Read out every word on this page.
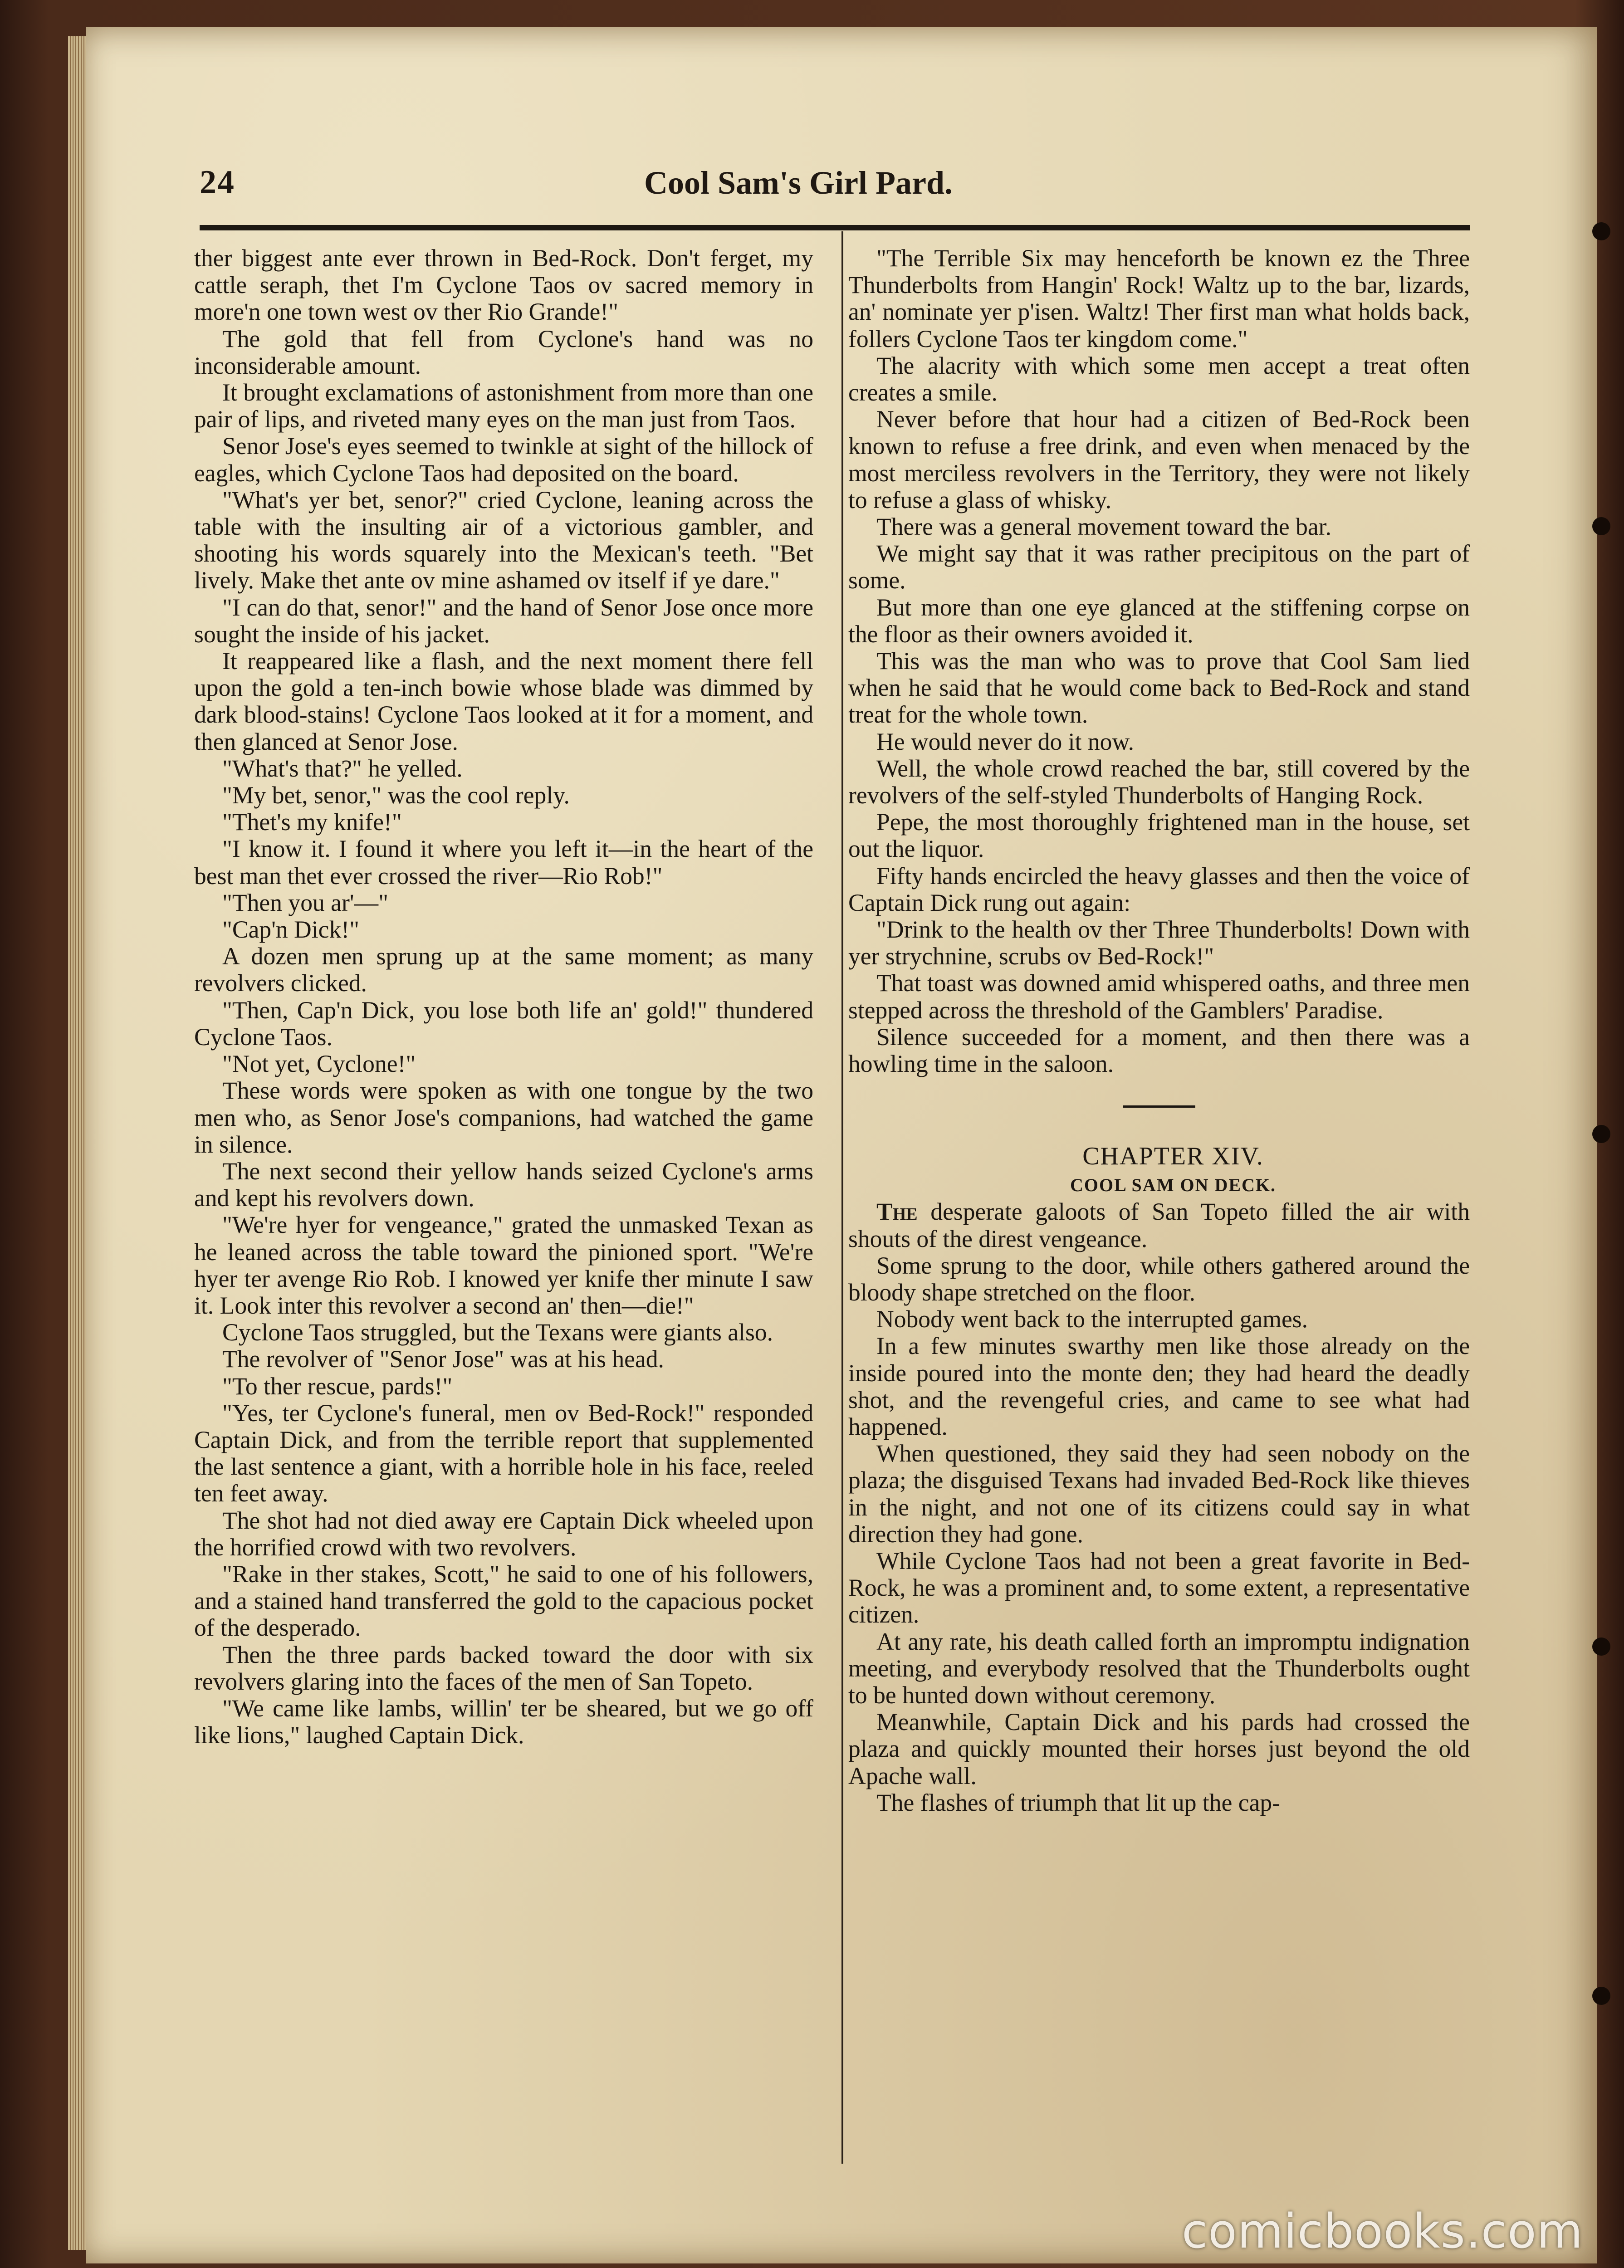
24	Cool Sam's Girl Pard.

ther biggest ante ever thrown in Bed-Rock. Don't ferget, my cattle seraph, thet I'm Cyclone Taos ov sacred memory in more'n one town west ov ther Rio Grande!"

The gold that fell from Cyclone's hand was no inconsiderable amount.

It brought exclamations of astonishment from more than one pair of lips, and riveted many eyes on the man just from Taos.

Senor Jose's eyes seemed to twinkle at sight of the hillock of eagles, which Cyclone Taos had deposited on the board.

"What's yer bet, senor?" cried Cyclone, leaning across the table with the insulting air of a victorious gambler, and shooting his words squarely into the Mexican's teeth. "Bet lively. Make thet ante ov mine ashamed ov itself if ye dare."

"I can do that, senor!" and the hand of Senor Jose once more sought the inside of his jacket.

It reappeared like a flash, and the next moment there fell upon the gold a ten-inch bowie whose blade was dimmed by dark blood-stains! Cyclone Taos looked at it for a moment, and then glanced at Senor Jose.

"What's that?" he yelled.

"My bet, senor," was the cool reply.

"Thet's my knife!"

"I know it. I found it where you left it—in the heart of the best man thet ever crossed the river—Rio Rob!"

"Then you ar'—"

"Cap'n Dick!"

A dozen men sprung up at the same moment; as many revolvers clicked.

"Then, Cap'n Dick, you lose both life an' gold!" thundered Cyclone Taos.

"Not yet, Cyclone!"

These words were spoken as with one tongue by the two men who, as Senor Jose's companions, had watched the game in silence.

The next second their yellow hands seized Cyclone's arms and kept his revolvers down.

"We're hyer for vengeance," grated the unmasked Texan as he leaned across the table toward the pinioned sport. "We're hyer ter avenge Rio Rob. I knowed yer knife ther minute I saw it. Look inter this revolver a second an' then—die!"

Cyclone Taos struggled, but the Texans were giants also.

The revolver of "Senor Jose" was at his head.

"To ther rescue, pards!"

"Yes, ter Cyclone's funeral, men ov Bed-Rock!" responded Captain Dick, and from the terrible report that supplemented the last sentence a giant, with a horrible hole in his face, reeled ten feet away.

The shot had not died away ere Captain Dick wheeled upon the horrified crowd with two revolvers.

"Rake in ther stakes, Scott," he said to one of his followers, and a stained hand transferred the gold to the capacious pocket of the desperado.

Then the three pards backed toward the door with six revolvers glaring into the faces of the men of San Topeto.

"We came like lambs, willin' ter be sheared, but we go off like lions," laughed Captain Dick.

"The Terrible Six may henceforth be known ez the Three Thunderbolts from Hangin' Rock! Waltz up to the bar, lizards, an' nominate yer p'isen. Waltz! Ther first man what holds back, follers Cyclone Taos ter kingdom come."

The alacrity with which some men accept a treat often creates a smile.

Never before that hour had a citizen of Bed-Rock been known to refuse a free drink, and even when menaced by the most merciless revolvers in the Territory, they were not likely to refuse a glass of whisky.

There was a general movement toward the bar.

We might say that it was rather precipitous on the part of some.

But more than one eye glanced at the stiffening corpse on the floor as their owners avoided it.

This was the man who was to prove that Cool Sam lied when he said that he would come back to Bed-Rock and stand treat for the whole town.

He would never do it now.

Well, the whole crowd reached the bar, still covered by the revolvers of the self-styled Thunderbolts of Hanging Rock.

Pepe, the most thoroughly frightened man in the house, set out the liquor.

Fifty hands encircled the heavy glasses and then the voice of Captain Dick rung out again:

"Drink to the health ov ther Three Thunderbolts! Down with yer strychnine, scrubs ov Bed-Rock!"

That toast was downed amid whispered oaths, and three men stepped across the threshold of the Gamblers' Paradise.

Silence succeeded for a moment, and then there was a howling time in the saloon.

CHAPTER XIV.

COOL SAM ON DECK.

The desperate galoots of San Topeto filled the air with shouts of the direst vengeance.

Some sprung to the door, while others gathered around the bloody shape stretched on the floor.

Nobody went back to the interrupted games.

In a few minutes swarthy men like those already on the inside poured into the monte den; they had heard the deadly shot, and the revengeful cries, and came to see what had happened.

When questioned, they said they had seen nobody on the plaza; the disguised Texans had invaded Bed-Rock like thieves in the night, and not one of its citizens could say in what direction they had gone.

While Cyclone Taos had not been a great favorite in Bed-Rock, he was a prominent and, to some extent, a representative citizen.

At any rate, his death called forth an impromptu indignation meeting, and everybody resolved that the Thunderbolts ought to be hunted down without ceremony.

Meanwhile, Captain Dick and his pards had crossed the plaza and quickly mounted their horses just beyond the old Apache wall.

The flashes of triumph that lit up the cap-

comicbooks.com
